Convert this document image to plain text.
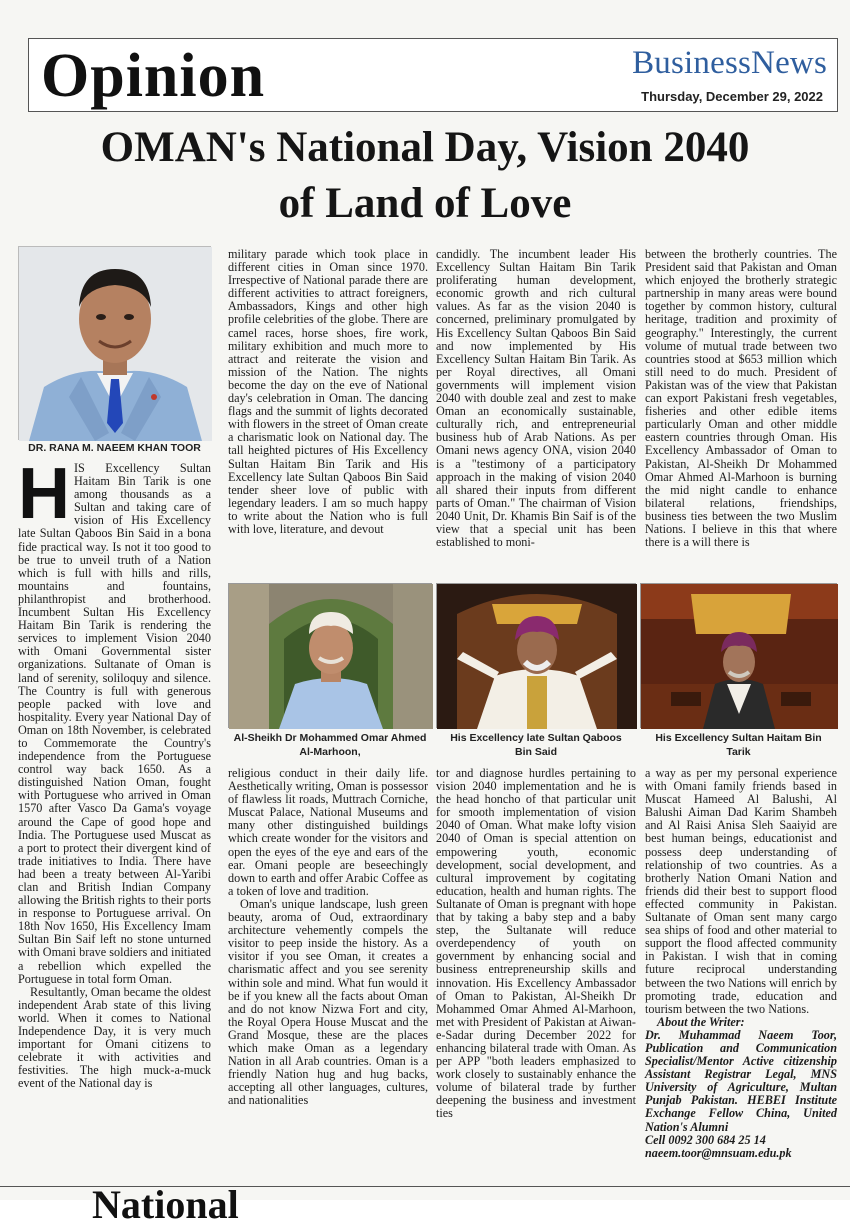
Opinion	BusinessNews
Thursday, December 29, 2022
OMAN's National Day, Vision 2040 of Land of Love
DR. RANA M. NAEEM KHAN TOOR

HIS Excellency Sultan Haitam Bin Tarik is one among thousands as a Sultan and taking care of vision of His Excellency late Sultan Qaboos Bin Said in a bona fide practical way. Is not it too good to be true to unveil truth of a Nation which is full with hills and rills, mountains and fountains, philanthropist and brotherhood. Incumbent Sultan His Excellency Haitam Bin Tarik is rendering the services to implement Vision 2040 with Omani Governmental sister organizations. Sultanate of Oman is land of serenity, soliloquy and silence. The Country is full with generous people packed with love and hospitality. Every year National Day of Oman on 18th November, is celebrated to Commemorate the Country's independence from the Portuguese control way back 1650. As a distinguished Nation Oman, fought with Portuguese who arrived in Oman 1570 after Vasco Da Gama's voyage around the Cape of good hope and India. The Portuguese used Muscat as a port to protect their divergent kind of trade initiatives to India. There have had been a treaty between Al-Yaribi clan and British Indian Company allowing the British rights to their ports in response to Portuguese arrival. On 18th Nov 1650, His Excellency Imam Sultan Bin Saif left no stone unturned with Omani brave soldiers and initiated a rebellion which expelled the Portuguese in total form Oman.

Resultantly, Oman became the oldest independent Arab state of this living world. When it comes to National Independence Day, it is very much important for Omani citizens to celebrate it with activities and festivities. The high muck-a-muck event of the National day is

military parade which took place in different cities in Oman since 1970. Irrespective of National parade there are different activities to attract foreigners, Ambassadors, Kings and other high profile celebrities of the globe. There are camel races, horse shoes, fire work, military exhibition and much more to attract and reiterate the vision and mission of the Nation. The nights become the day on the eve of National day's celebration in Oman. The dancing flags and the summit of lights decorated with flowers in the street of Oman create a charismatic look on National day. The tall heighted pictures of His Excellency Sultan Haitam Bin Tarik and His Excellency late Sultan Qaboos Bin Said tender sheer love of public with legendary leaders. I am so much happy to write about the Nation who is full with love, literature, and devout
candidly. The incumbent leader His Excellency Sultan Haitam Bin Tarik proliferating human development, economic growth and rich cultural values. As far as the vision 2040 is concerned, preliminary promulgated by His Excellency Sultan Qaboos Bin Said and now implemented by His Excellency Sultan Haitam Bin Tarik. As per Royal directives, all Omani governments will implement vision 2040 with double zeal and zest to make Oman an economically sustainable, culturally rich, and entrepreneurial business hub of Arab Nations. As per Omani news agency ONA, vision 2040 is a "testimony of a participatory approach in the making of vision 2040 all shared their inputs from different parts of Oman." The chairman of Vision 2040 Unit, Dr. Khamis Bin Saif is of the view that a special unit has been established to moni-
between the brotherly countries. The President said that Pakistan and Oman which enjoyed the brotherly strategic partnership in many areas were bound together by common history, cultural heritage, tradition and proximity of geography." Interestingly, the current volume of mutual trade between two countries stood at $653 million which still need to do much. President of Pakistan was of the view that Pakistan can export Pakistani fresh vegetables, fisheries and other edible items particularly Oman and other middle eastern countries through Oman. His Excellency Ambassador of Oman to Pakistan, Al-Sheikh Dr Mohammed Omar Ahmed Al-Marhoon is burning the mid night candle to enhance bilateral relations, friendships, business ties between the two Muslim Nations. I believe in this that where there is a will there is
Al-Sheikh Dr Mohammed Omar Ahmed Al-Marhoon,
His Excellency late Sultan Qaboos Bin Said
His Excellency Sultan Haitam Bin Tarik

religious conduct in their daily life. Aesthetically writing, Oman is possessor of flawless lit roads, Muttrach Corniche, Muscat Palace, National Museums and many other distinguished buildings which create wonder for the visitors and open the eyes of the eye and ears of the ear. Omani people are beseechingly down to earth and offer Arabic Coffee as a token of love and tradition.

Oman's unique landscape, lush green beauty, aroma of Oud, extraordinary architecture vehemently compels the visitor to peep inside the history. As a visitor if you see Oman, it creates a charismatic affect and you see serenity within sole and mind. What fun would it be if you knew all the facts about Oman and do not know Nizwa Fort and city, the Royal Opera House Muscat and the Grand Mosque, these are the places which make Oman as a legendary Nation in all Arab countries. Oman is a friendly Nation hug and hug backs, accepting all other languages, cultures, and nationalities

tor and diagnose hurdles pertaining to vision 2040 implementation and he is the head honcho of that particular unit for smooth implementation of vision 2040 of Oman. What make lofty vision 2040 of Oman is special attention on empowering youth, economic development, social development, and cultural improvement by cogitating education, health and human rights. The Sultanate of Oman is pregnant with hope that by taking a baby step and a baby step, the Sultanate will reduce overdependency of youth on government by enhancing social and business entrepreneurship skills and innovation. His Excellency Ambassador of Oman to Pakistan, Al-Sheikh Dr Mohammed Omar Ahmed Al-Marhoon, met with President of Pakistan at Aiwan-e-Sadar during December 2022 for enhancing bilateral trade with Oman. As per APP "both leaders emphasized to work closely to sustainably enhance the volume of bilateral trade by further deepening the business and investment ties

a way as per my personal experience with Omani family friends based in Muscat Hameed Al Balushi, Al Balushi Aiman Dad Karim Shambeh and Al Raisi Anisa Sleh Saaiyid are best human beings, educationist and possess deep understanding of relationship of two countries. As a brotherly Nation Omani Nation and friends did their best to support flood effected community in Pakistan. Sultanate of Oman sent many cargo sea ships of food and other material to support the flood affected community in Pakistan. I wish that in coming future reciprocal understanding between the two Nations will enrich by promoting trade, education and tourism between the two Nations.

About the Writer:

Dr. Muhammad Naeem Toor, Publication and Communication Specialist/Mentor Active citizenship Assistant Registrar Legal, MNS University of Agriculture, Multan Punjab Pakistan. HEBEI Institute Exchange Fellow China, United Nation's Alumni

Cell 0092 300 684 25 14

naeem.toor@mnsuam.edu.pk

National
